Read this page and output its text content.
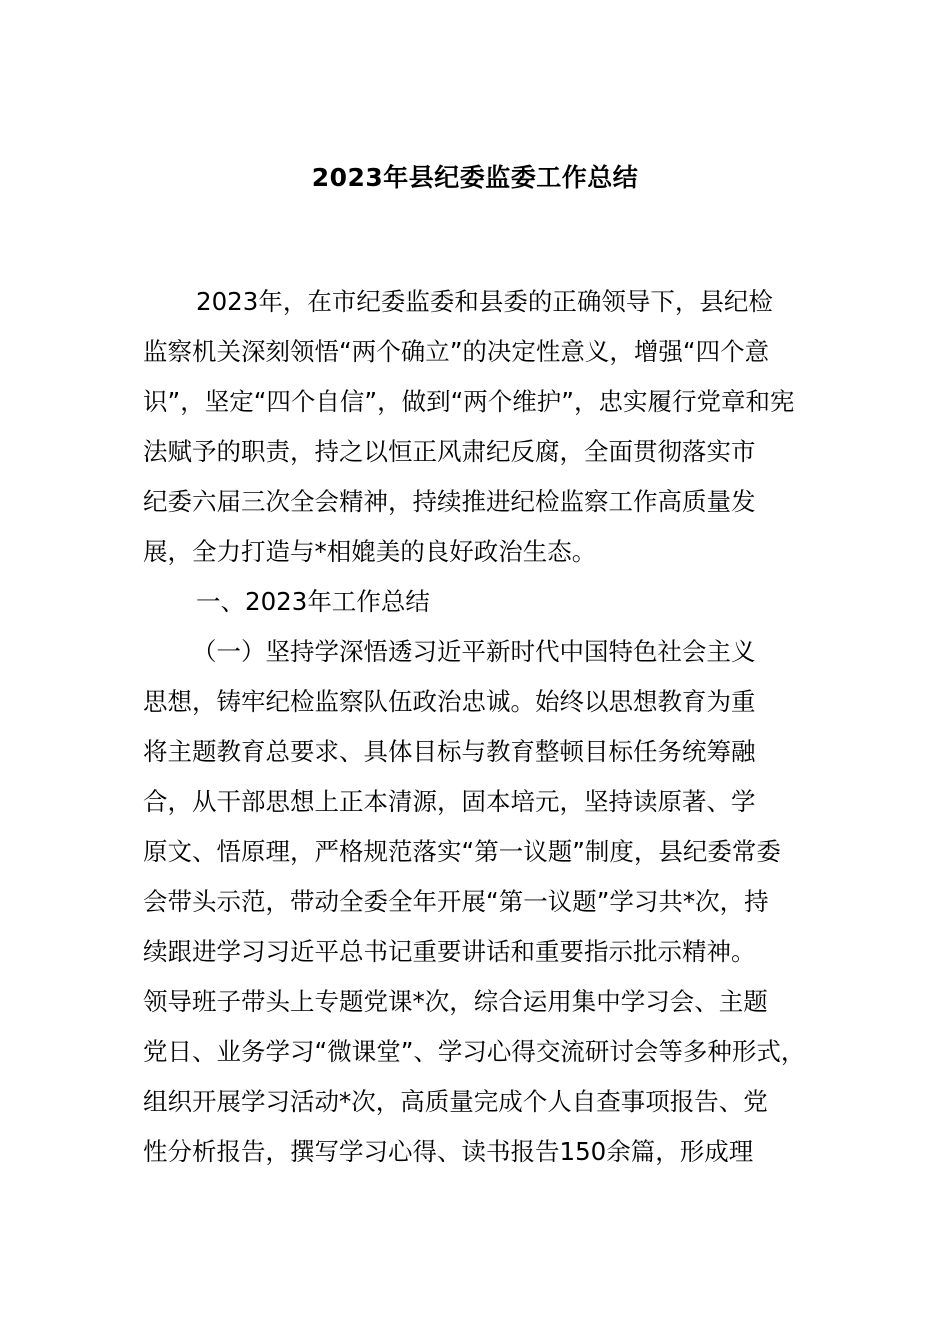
2023年县纪委监委工作总结
2023年，在市纪委监委和县委的正确领导下，县纪检
监察机关深刻领悟“两个确立”的决定性意义，增强“四个意
识”，坚定“四个自信”，做到“两个维护”，忠实履行党章和宪
法赋予的职责，持之以恒正风肃纪反腐，全面贯彻落实市
纪委六届三次全会精神，持续推进纪检监察工作高质量发
展，全力打造与*相媲美的良好政治生态。
一、2023年工作总结
（一）坚持学深悟透习近平新时代中国特色社会主义
思想，铸牢纪检监察队伍政治忠诚。始终以思想教育为重
将主题教育总要求、具体目标与教育整顿目标任务统筹融
合，从干部思想上正本清源，固本培元，坚持读原著、学
原文、悟原理，严格规范落实“第一议题”制度，县纪委常委
会带头示范，带动全委全年开展“第一议题”学习共*次，持
续跟进学习习近平总书记重要讲话和重要指示批示精神。
领导班子带头上专题党课*次，综合运用集中学习会、主题
党日、业务学习“微课堂”、学习心得交流研讨会等多种形式，
组织开展学习活动*次，高质量完成个人自查事项报告、党
性分析报告，撰写学习心得、读书报告150余篇，形成理
